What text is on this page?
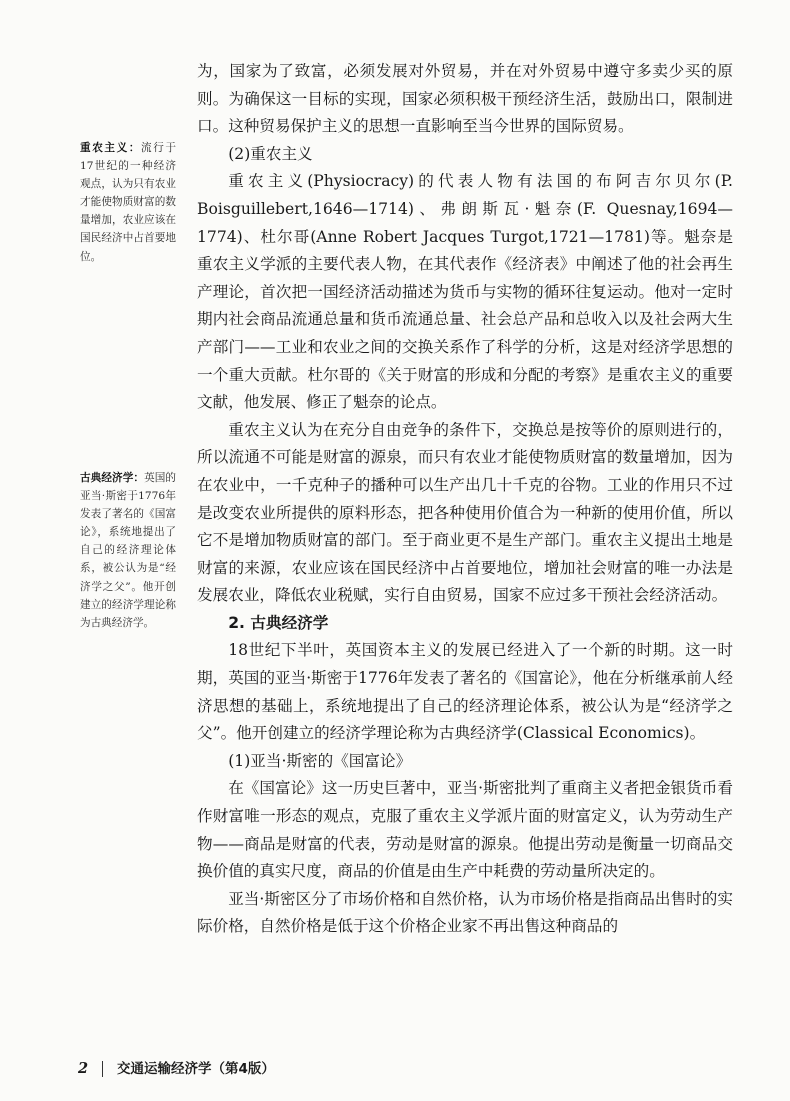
重农主义：流行于17世纪的一种经济观点，认为只有农业才能使物质财富的数量增加，农业应该在国民经济中占首要地位。
古典经济学：英国的亚当·斯密于1776年发表了著名的《国富论》，系统地提出了自己的经济理论体系，被公认为是“经济学之父”。他开创建立的经济学理论称为古典经济学。

为，国家为了致富，必须发展对外贸易，并在对外贸易中遵守多卖少买的原则。为确保这一目标的实现，国家必须积极干预经济生活，鼓励出口，限制进口。这种贸易保护主义的思想一直影响至当今世界的国际贸易。

(2)重农主义

重农主义(Physiocracy)的代表人物有法国的布阿吉尔贝尔(P. Boisguillebert,1646—1714)、弗朗斯瓦·魁奈(F. Quesnay,1694—1774)、杜尔哥(Anne Robert Jacques Turgot,1721—1781)等。魁奈是重农主义学派的主要代表人物，在其代表作《经济表》中阐述了他的社会再生产理论，首次把一国经济活动描述为货币与实物的循环往复运动。他对一定时期内社会商品流通总量和货币流通总量、社会总产品和总收入以及社会两大生产部门——工业和农业之间的交换关系作了科学的分析，这是对经济学思想的一个重大贡献。杜尔哥的《关于财富的形成和分配的考察》是重农主义的重要文献，他发展、修正了魁奈的论点。

重农主义认为在充分自由竞争的条件下，交换总是按等价的原则进行的，所以流通不可能是财富的源泉，而只有农业才能使物质财富的数量增加，因为在农业中，一千克种子的播种可以生产出几十千克的谷物。工业的作用只不过是改变农业所提供的原料形态，把各种使用价值合为一种新的使用价值，所以它不是增加物质财富的部门。至于商业更不是生产部门。重农主义提出土地是财富的来源，农业应该在国民经济中占首要地位，增加社会财富的唯一办法是发展农业，降低农业税赋，实行自由贸易，国家不应过多干预社会经济活动。

2. 古典经济学

18世纪下半叶，英国资本主义的发展已经进入了一个新的时期。这一时期，英国的亚当·斯密于1776年发表了著名的《国富论》，他在分析继承前人经济思想的基础上，系统地提出了自己的经济理论体系，被公认为是“经济学之父”。他开创建立的经济学理论称为古典经济学(Classical Economics)。

(1)亚当·斯密的《国富论》

在《国富论》这一历史巨著中，亚当·斯密批判了重商主义者把金银货币看作财富唯一形态的观点，克服了重农主义学派片面的财富定义，认为劳动生产物——商品是财富的代表，劳动是财富的源泉。他提出劳动是衡量一切商品交换价值的真实尺度，商品的价值是由生产中耗费的劳动量所决定的。

亚当·斯密区分了市场价格和自然价格，认为市场价格是指商品出售时的实际价格，自然价格是低于这个价格企业家不再出售这种商品的

2 交通运输经济学（第4版）
